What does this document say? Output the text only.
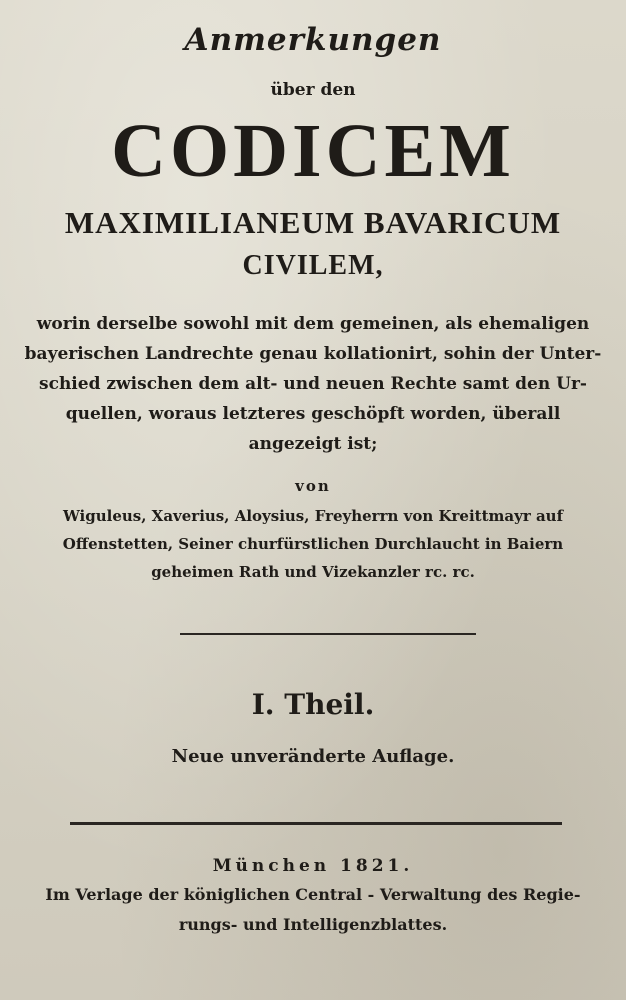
Anmerkungen
über den
CODICEM
MAXIMILIANEUM BAVARICUM
CIVILEM,
worin derselbe sowohl mit dem gemeinen, als ehemaligen
bayerischen Landrechte genau kollationirt, sohin der Unter-
schied zwischen dem alt- und neuen Rechte samt den Ur-
quellen, woraus letzteres geschöpft worden, überall
angezeigt ist;
von
Wiguleus, Xaverius, Aloysius, Freyherrn von Kreittmayr auf
Offenstetten, Seiner churfürstlichen Durchlaucht in Baiern
geheimen Rath und Vizekanzler rc. rc.
I. Theil.
Neue unveränderte Auflage.
München 1821.
Im Verlage der königlichen Central - Verwaltung des Regie-
rungs- und Intelligenzblattes.
